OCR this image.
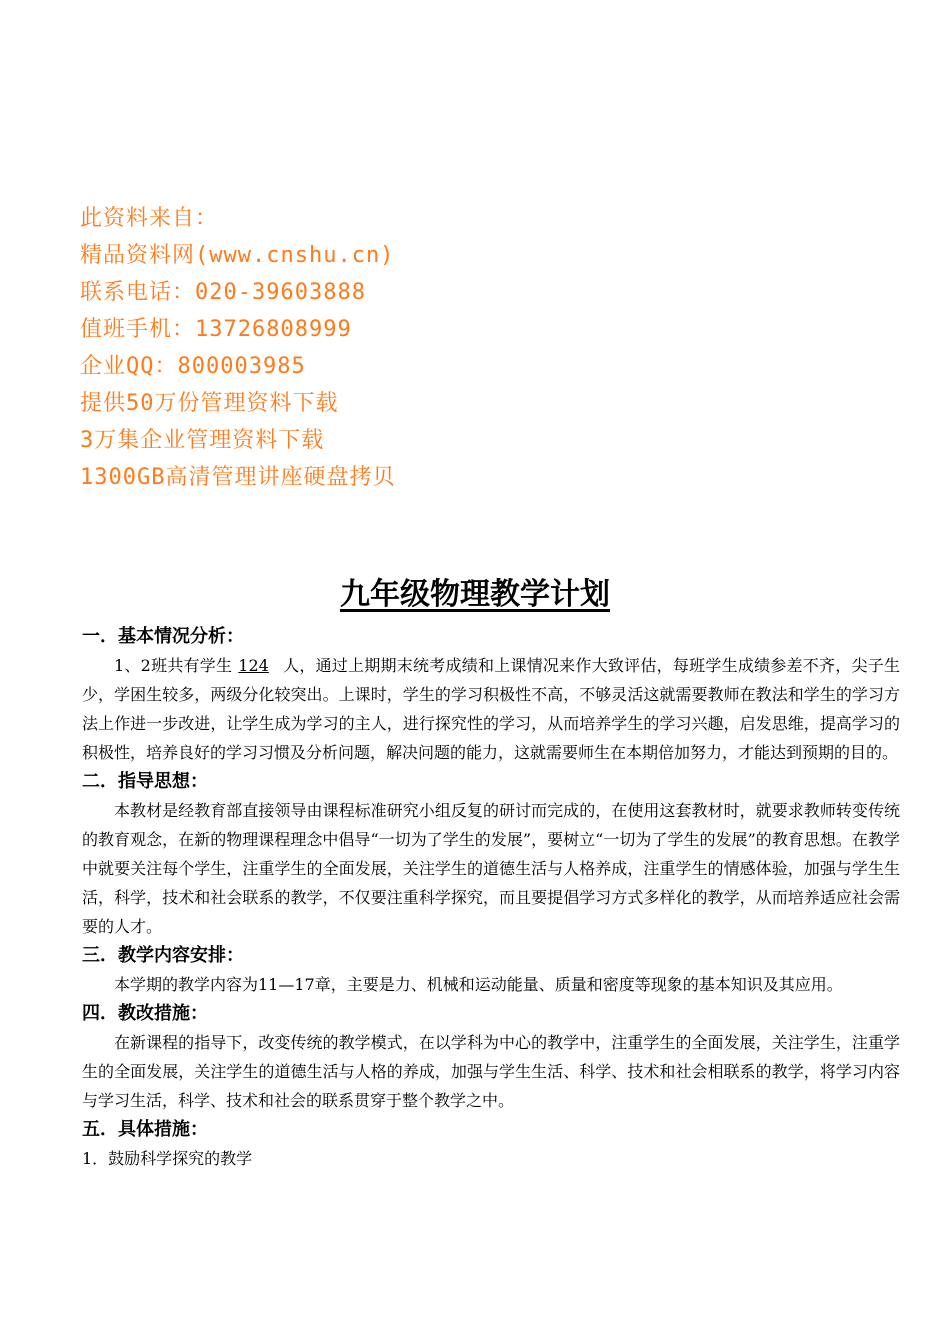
此资料来自：
精品资料网(www.cnshu.cn)
联系电话：020-39603888
值班手机：13726808999
企业QQ：800003985
提供50万份管理资料下载
3万集企业管理资料下载
1300GB高清管理讲座硬盘拷贝
九年级物理教学计划
一．基本情况分析：

1、2班共有学生 124 人，通过上期期末统考成绩和上课情况来作大致评估，每班学生成绩参差不齐，尖子生少，学困生较多，两级分化较突出。上课时，学生的学习积极性不高，不够灵活这就需要教师在教法和学生的学习方法上作进一步改进，让学生成为学习的主人，进行探究性的学习，从而培养学生的学习兴趣，启发思维，提高学习的积极性，培养良好的学习习惯及分析问题，解决问题的能力，这就需要师生在本期倍加努力，才能达到预期的目的。

二．指导思想：

本教材是经教育部直接领导由课程标准研究小组反复的研讨而完成的，在使用这套教材时，就要求教师转变传统的教育观念，在新的物理课程理念中倡导“一切为了学生的发展”，要树立“一切为了学生的发展”的教育思想。在教学中就要关注每个学生，注重学生的全面发展，关注学生的道德生活与人格养成，注重学生的情感体验，加强与学生生活，科学，技术和社会联系的教学，不仅要注重科学探究，而且要提倡学习方式多样化的教学，从而培养适应社会需要的人才。

三．教学内容安排：

本学期的教学内容为11—17章，主要是力、机械和运动能量、质量和密度等现象的基本知识及其应用。

四．教改措施：

在新课程的指导下，改变传统的教学模式，在以学科为中心的教学中，注重学生的全面发展，关注学生，注重学生的全面发展，关注学生的道德生活与人格的养成，加强与学生生活、科学、技术和社会相联系的教学，将学习内容与学习生活，科学、技术和社会的联系贯穿于整个教学之中。

五．具体措施：

1．鼓励科学探究的教学
